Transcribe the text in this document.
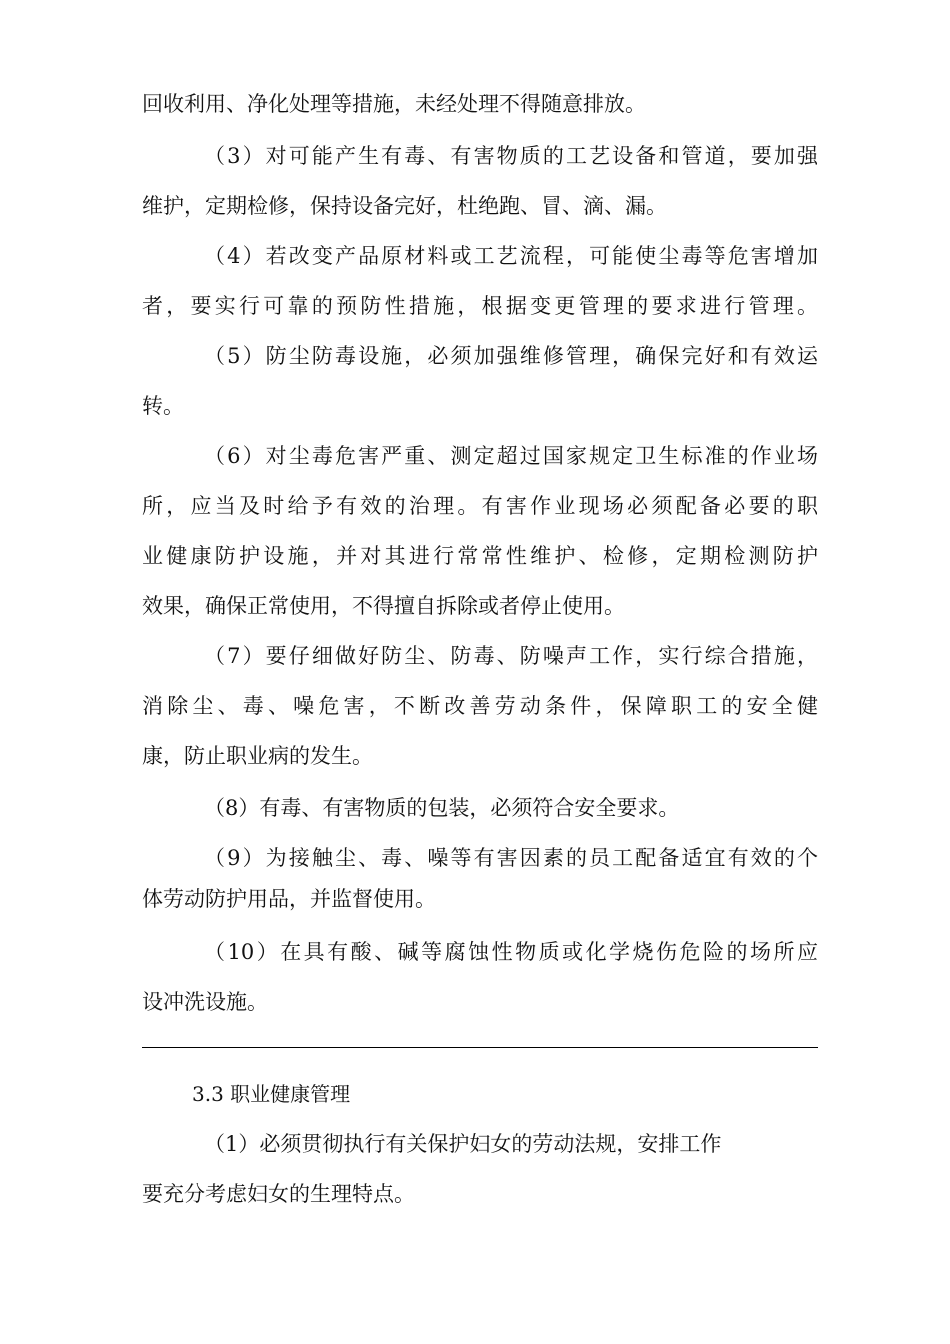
回收利用、净化处理等措施，未经处理不得随意排放。
（3）对可能产生有毒、有害物质的工艺设备和管道，要加强
维护，定期检修，保持设备完好，杜绝跑、冒、滴、漏。
（4）若改变产品原材料或工艺流程，可能使尘毒等危害增加
者，要实行可靠的预防性措施，根据变更管理的要求进行管理。
（5）防尘防毒设施，必须加强维修管理，确保完好和有效运
转。
（6）对尘毒危害严重、测定超过国家规定卫生标准的作业场
所，应当及时给予有效的治理。有害作业现场必须配备必要的职
业健康防护设施，并对其进行常常性维护、检修，定期检测防护
效果，确保正常使用，不得擅自拆除或者停止使用。
（7）要仔细做好防尘、防毒、防噪声工作，实行综合措施，
消除尘、毒、噪危害，不断改善劳动条件，保障职工的安全健
康，防止职业病的发生。
（8）有毒、有害物质的包装，必须符合安全要求。
（9）为接触尘、毒、噪等有害因素的员工配备适宜有效的个
体劳动防护用品，并监督使用。
（10）在具有酸、碱等腐蚀性物质或化学烧伤危险的场所应
设冲洗设施。
3.3 职业健康管理
（1）必须贯彻执行有关保护妇女的劳动法规，安排工作
要充分考虑妇女的生理特点。
